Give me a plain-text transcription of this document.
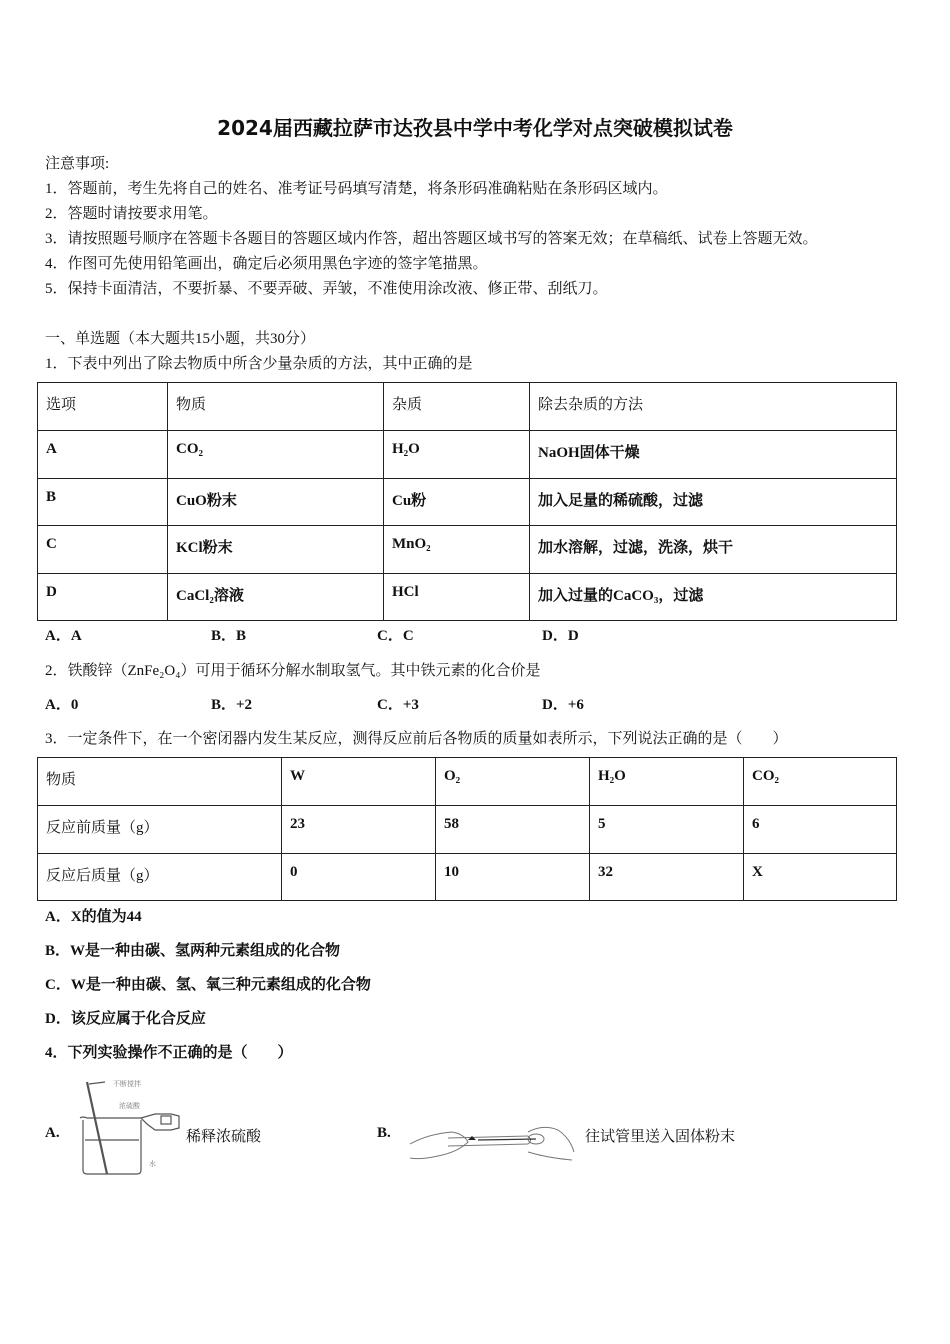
2024届西藏拉萨市达孜县中学中考化学对点突破模拟试卷
注意事项:
1．答题前，考生先将自己的姓名、准考证号码填写清楚，将条形码准确粘贴在条形码区域内。
2．答题时请按要求用笔。
3．请按照题号顺序在答题卡各题目的答题区域内作答，超出答题区域书写的答案无效；在草稿纸、试卷上答题无效。
4．作图可先使用铅笔画出，确定后必须用黑色字迹的签字笔描黑。
5．保持卡面清洁，不要折暴、不要弄破、弄皱，不准使用涂改液、修正带、刮纸刀。
一、单选题（本大题共15小题，共30分）
1．下表中列出了除去物质中所含少量杂质的方法，其中正确的是
选项	物质	杂质	除去杂质的方法
A	CO₂	H₂O	NaOH固体干燥
B	CuO粉末	Cu粉	加入足量的稀硫酸，过滤
C	KCl粉末	MnO₂	加水溶解，过滤，洗涤，烘干
D	CaCl₂溶液	HCl	加入过量的CaCO₃，过滤
A．A	B．B	C．C	D．D
2．铁酸锌（ZnFe₂O₄）可用于循环分解水制取氢气。其中铁元素的化合价是
A．0	B．+2	C．+3	D．+6
3．一定条件下，在一个密闭器内发生某反应，测得反应前后各物质的质量如表所示，下列说法正确的是（　　）
物质	W	O₂	H₂O	CO₂
反应前质量（g）	23	58	5	6
反应后质量（g）	0	10	32	X
A．X的值为44
B．W是一种由碳、氢两种元素组成的化合物
C．W是一种由碳、氢、氧三种元素组成的化合物
D．该反应属于化合反应
4．下列实验操作不正确的是（　　）
A.
不断搅拌
浓硫酸
水
稀释浓硫酸	B.	往试管里送入固体粉末
